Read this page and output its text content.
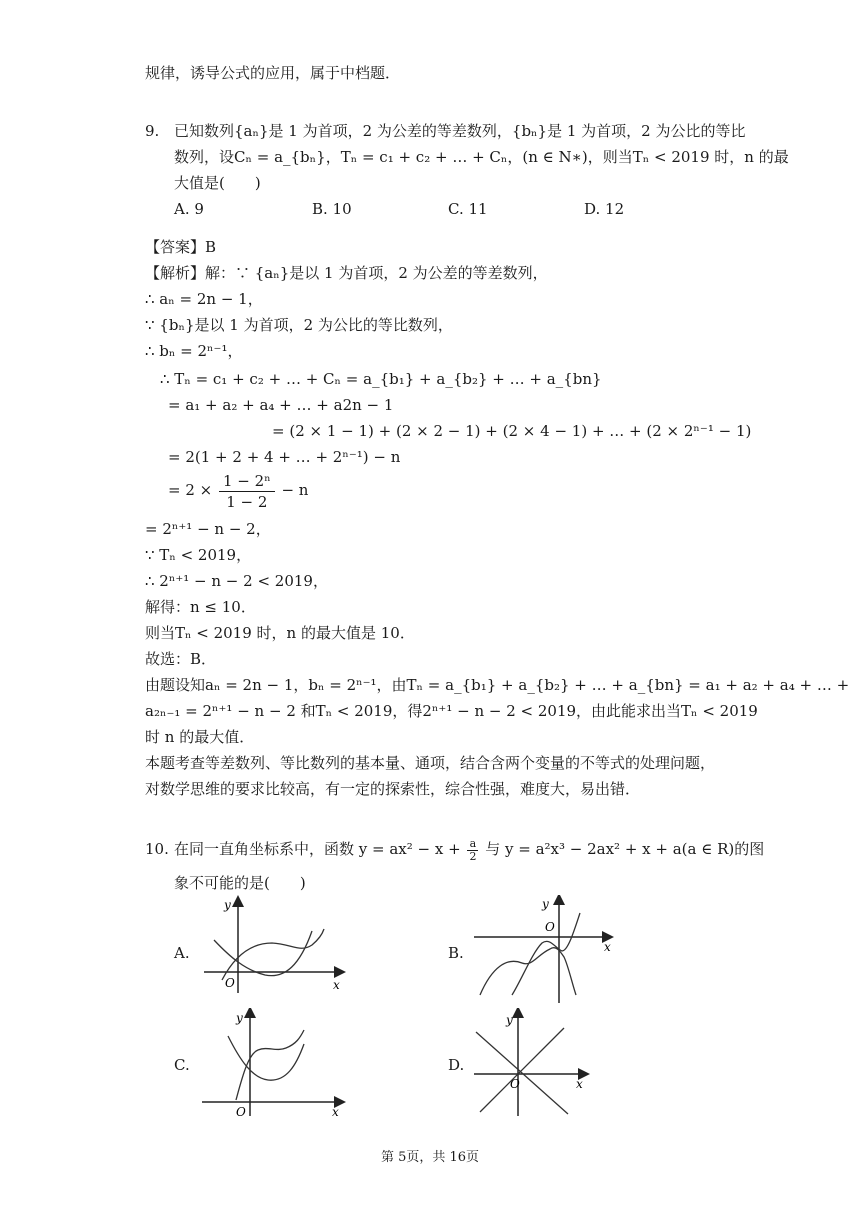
规律，诱导公式的应用，属于中档题．
9. 已知数列{aₙ}是 1 为首项，2 为公差的等差数列，{bₙ}是 1 为首项，2 为公比的等比
数列，设Cₙ = a_{bₙ}，Tₙ = c₁ + c₂ + … + Cₙ，(n ∈ N∗)，则当Tₙ < 2019 时，n 的最
大值是(　　)
A. 9	B. 10	C. 11	D. 12
【答案】B
【解析】解：∵ {aₙ}是以 1 为首项，2 为公差的等差数列，
∴ aₙ = 2n − 1，
∵ {bₙ}是以 1 为首项，2 为公比的等比数列，
∴ bₙ = 2ⁿ⁻¹，
∴ Tₙ = c₁ + c₂ + … + Cₙ = a_{b₁} + a_{b₂} + … + a_{bn}
= a₁ + a₂ + a₄ + … + a2n − 1
= (2 × 1 − 1) + (2 × 2 − 1) + (2 × 4 − 1) + … + (2 × 2ⁿ⁻¹ − 1)
= 2(1 + 2 + 4 + … + 2ⁿ⁻¹) − n
= $2 \times \frac{\text{1 − 2ⁿ}}{1 - 2} - n$
= 2ⁿ⁺¹ − n − 2，
∵ Tₙ < 2019，
∴ 2ⁿ⁺¹ − n − 2 < 2019，
解得：n ≤ 10．
则当Tₙ < 2019 时，n 的最大值是 10．
故选：B．
由题设知aₙ = 2n − 1，bₙ = 2ⁿ⁻¹，由Tₙ = a_{b₁} + a_{b₂} + … + a_{bn} = a₁ + a₂ + a₄ + … +
a₂ₙ₋₁ = 2ⁿ⁺¹ − n − 2 和Tₙ < 2019，得2ⁿ⁺¹ − n − 2 < 2019，由此能求出当Tₙ < 2019
时 n 的最大值．
本题考查等差数列、等比数列的基本量、通项，结合含两个变量的不等式的处理问题，
对数学思维的要求比较高，有一定的探索性，综合性强，难度大，易出错．
10. 在同一直角坐标系中，函数 $y = ax^2 - x + \frac{a}{2}$ 与 y = a²x³ − 2ax² + x + a(a ∈ R)的图
象不可能的是(　　)
A.	B.
C.	D.
y
x
O
y
x
O
y
x
O
y
x
O
第 5页，共 16页
